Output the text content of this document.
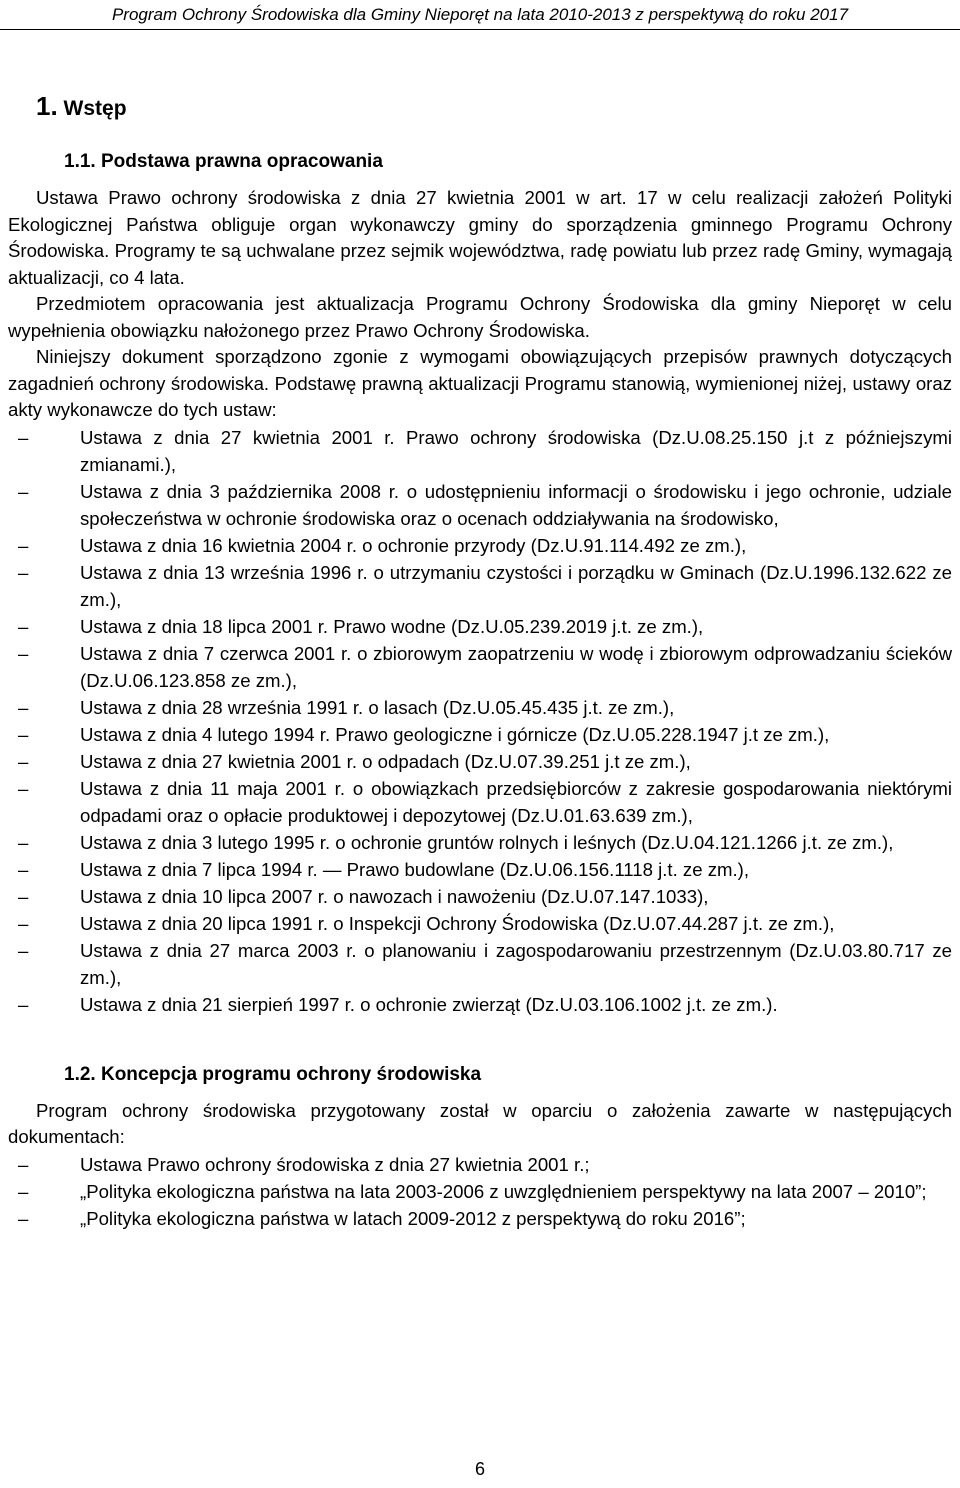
Program Ochrony Środowiska dla Gminy Nieporęt na lata 2010-2013 z perspektywą do roku 2017
1. Wstęp
1.1. Podstawa prawna opracowania

Ustawa Prawo ochrony środowiska z dnia 27 kwietnia 2001 w art. 17 w celu realizacji założeń Polityki Ekologicznej Państwa obliguje organ wykonawczy gminy do sporządzenia gminnego Programu Ochrony Środowiska. Programy te są uchwalane przez sejmik województwa, radę powiatu lub przez radę Gminy, wymagają aktualizacji, co 4 lata.

Przedmiotem opracowania jest aktualizacja Programu Ochrony Środowiska dla gminy Nieporęt w celu wypełnienia obowiązku nałożonego przez Prawo Ochrony Środowiska.

Niniejszy dokument sporządzono zgonie z wymogami obowiązujących przepisów prawnych dotyczących zagadnień ochrony środowiska. Podstawę prawną aktualizacji Programu stanowią, wymienionej niżej, ustawy oraz akty wykonawcze do tych ustaw:

–	Ustawa z dnia 27 kwietnia 2001 r. Prawo ochrony środowiska (Dz.U.08.25.150 j.t z późniejszymi zmianami.),
–	Ustawa z dnia 3 października 2008 r. o udostępnieniu informacji o środowisku i jego ochronie, udziale społeczeństwa w ochronie środowiska oraz o ocenach oddziaływania na środowisko,
–	Ustawa z dnia 16 kwietnia 2004 r. o ochronie przyrody (Dz.U.91.114.492 ze zm.),
–	Ustawa z dnia 13 września 1996 r. o utrzymaniu czystości i porządku w Gminach (Dz.U.1996.132.622 ze zm.),
–	Ustawa z dnia 18 lipca 2001 r. Prawo wodne (Dz.U.05.239.2019 j.t. ze zm.),
–	Ustawa z dnia 7 czerwca 2001 r. o zbiorowym zaopatrzeniu w wodę i zbiorowym odprowadzaniu ścieków (Dz.U.06.123.858 ze zm.),
–	Ustawa z dnia 28 września 1991 r. o lasach (Dz.U.05.45.435 j.t. ze zm.),
–	Ustawa z dnia 4 lutego 1994 r. Prawo geologiczne i górnicze (Dz.U.05.228.1947 j.t ze zm.),
–	Ustawa z dnia 27 kwietnia 2001 r. o odpadach (Dz.U.07.39.251 j.t ze zm.),
–	Ustawa z dnia 11 maja 2001 r. o obowiązkach przedsiębiorców z zakresie gospodarowania niektórymi odpadami oraz o opłacie produktowej i depozytowej (Dz.U.01.63.639 zm.),
–	Ustawa z dnia 3 lutego 1995 r. o ochronie gruntów rolnych i leśnych (Dz.U.04.121.1266 j.t. ze zm.),
–	Ustawa z dnia 7 lipca 1994 r. — Prawo budowlane (Dz.U.06.156.1118 j.t. ze zm.),
–	Ustawa z dnia 10 lipca 2007 r. o nawozach i nawożeniu (Dz.U.07.147.1033),
–	Ustawa z dnia 20 lipca 1991 r. o Inspekcji Ochrony Środowiska (Dz.U.07.44.287 j.t. ze zm.),
–	Ustawa z dnia 27 marca 2003 r. o planowaniu i zagospodarowaniu przestrzennym (Dz.U.03.80.717 ze zm.),
–	Ustawa z dnia 21 sierpień 1997 r. o ochronie zwierząt (Dz.U.03.106.1002 j.t. ze zm.).
1.2. Koncepcja programu ochrony środowiska

Program ochrony środowiska przygotowany został w oparciu o założenia zawarte w następujących dokumentach:

–	Ustawa Prawo ochrony środowiska z dnia 27 kwietnia 2001 r.;
–	„Polityka ekologiczna państwa na lata 2003-2006 z uwzględnieniem perspektywy na lata 2007 – 2010”;
–	„Polityka ekologiczna państwa w latach 2009-2012 z perspektywą do roku 2016”;
6
